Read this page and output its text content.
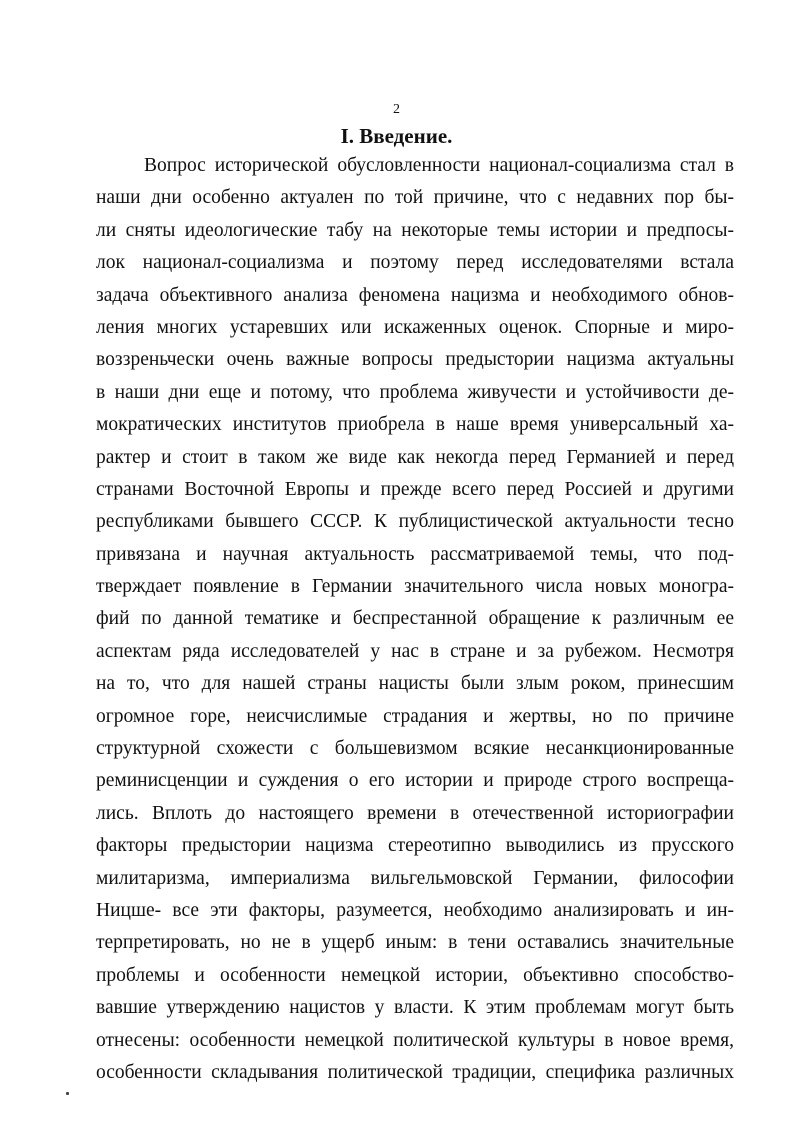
2
I. Введение.
Вопрос исторической обусловленности национал-социализма стал в
наши дни особенно актуален по той причине, что с недавних пор бы-
ли сняты идеологические табу на некоторые темы истории и предпосы-
лок национал-социализма и поэтому перед исследователями встала
задача объективного анализа феномена нацизма и необходимого обнов-
ления многих устаревших или искаженных оценок. Спорные и миро-
воззреньчески очень важные вопросы предыстории нацизма актуальны
в наши дни еще и потому, что проблема живучести и устойчивости де-
мократических институтов приобрела в наше время универсальный ха-
рактер и стоит в таком же виде как некогда перед Германией и перед
странами Восточной Европы и прежде всего перед Россией и другими
республиками бывшего СССР. К публицистической актуальности тесно
привязана и научная актуальность рассматриваемой темы, что под-
тверждает появление в Германии значительного числа новых моногра-
фий по данной тематике и беспрестанной обращение к различным ее
аспектам ряда исследователей у нас в стране и за рубежом. Несмотря
на то, что для нашей страны нацисты были злым роком, принесшим
огромное горе, неисчислимые страдания и жертвы, но по причине
структурной схожести с большевизмом всякие несанкционированные
реминисценции и суждения о его истории и природе строго воспреща-
лись. Вплоть до настоящего времени в отечественной историографии
факторы предыстории нацизма стереотипно выводились из прусского
милитаризма, империализма вильгельмовской Германии, философии
Ницше- все эти факторы, разумеется, необходимо анализировать и ин-
терпретировать, но не в ущерб иным: в тени оставались значительные
проблемы и особенности немецкой истории, объективно способство-
вавшие утверждению нацистов у власти. К этим проблемам могут быть
отнесены: особенности немецкой политической культуры в новое время,
особенности складывания политической традиции, специфика различных
